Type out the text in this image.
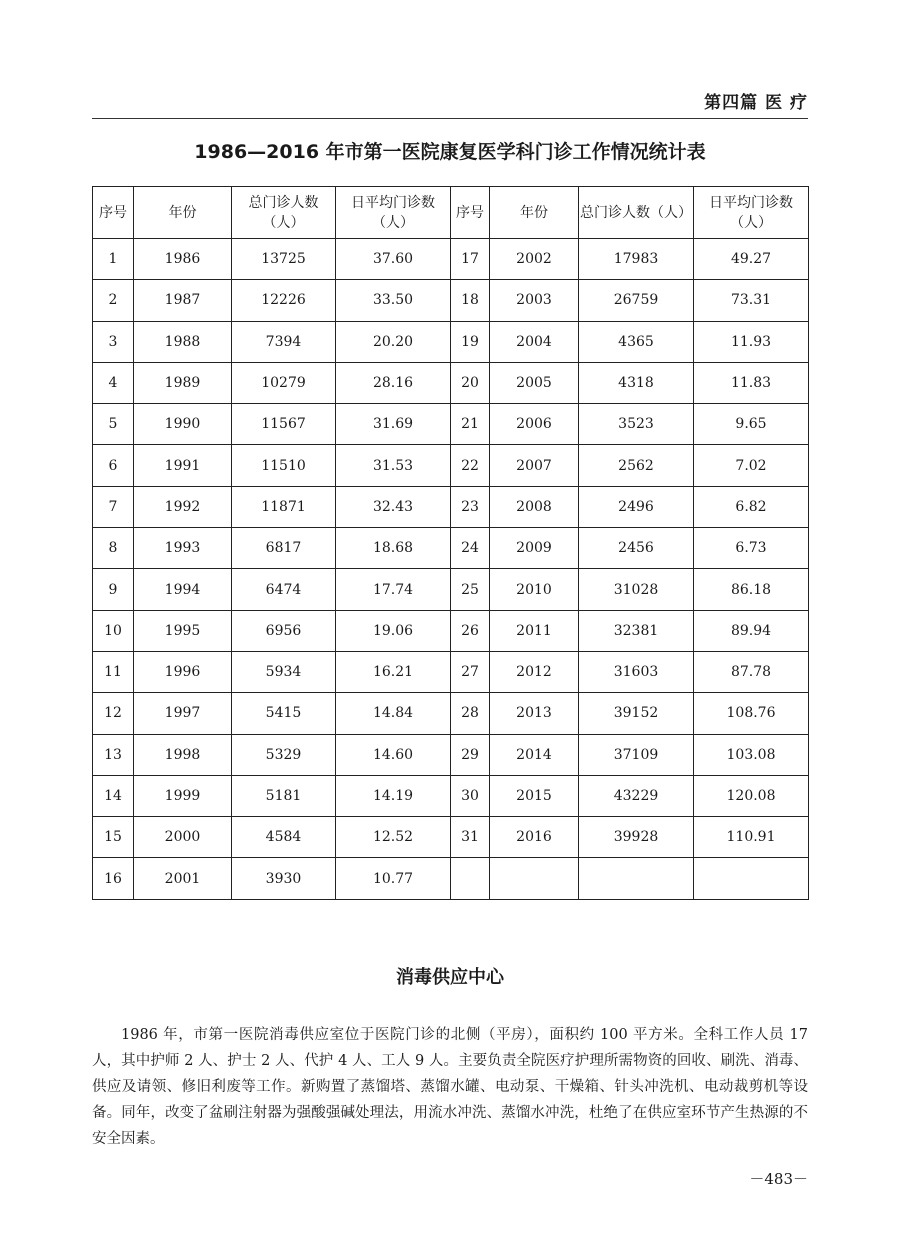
第四篇 医 疗
1986—2016 年市第一医院康复医学科门诊工作情况统计表
序号	年份	总门诊人数（人）	日平均门诊数（人）	序号	年份	总门诊人数（人）	日平均门诊数（人）
1	1986	13725	37.60	17	2002	17983	49.27
2	1987	12226	33.50	18	2003	26759	73.31
3	1988	7394	20.20	19	2004	4365	11.93
4	1989	10279	28.16	20	2005	4318	11.83
5	1990	11567	31.69	21	2006	3523	9.65
6	1991	11510	31.53	22	2007	2562	7.02
7	1992	11871	32.43	23	2008	2496	6.82
8	1993	6817	18.68	24	2009	2456	6.73
9	1994	6474	17.74	25	2010	31028	86.18
10	1995	6956	19.06	26	2011	32381	89.94
11	1996	5934	16.21	27	2012	31603	87.78
12	1997	5415	14.84	28	2013	39152	108.76
13	1998	5329	14.60	29	2014	37109	103.08
14	1999	5181	14.19	30	2015	43229	120.08
15	2000	4584	12.52	31	2016	39928	110.91
16	2001	3930	10.77				
消毒供应中心

1986 年，市第一医院消毒供应室位于医院门诊的北侧（平房），面积约 100 平方米。全科工作人员 17 人，其中护师 2 人、护士 2 人、代护 4 人、工人 9 人。主要负责全院医疗护理所需物资的回收、刷洗、消毒、供应及请领、修旧利废等工作。新购置了蒸馏塔、蒸馏水罐、电动泵、干燥箱、针头冲洗机、电动裁剪机等设备。同年，改变了盆刷注射器为强酸强碱处理法，用流水冲洗、蒸馏水冲洗，杜绝了在供应室环节产生热源的不安全因素。

－483－
